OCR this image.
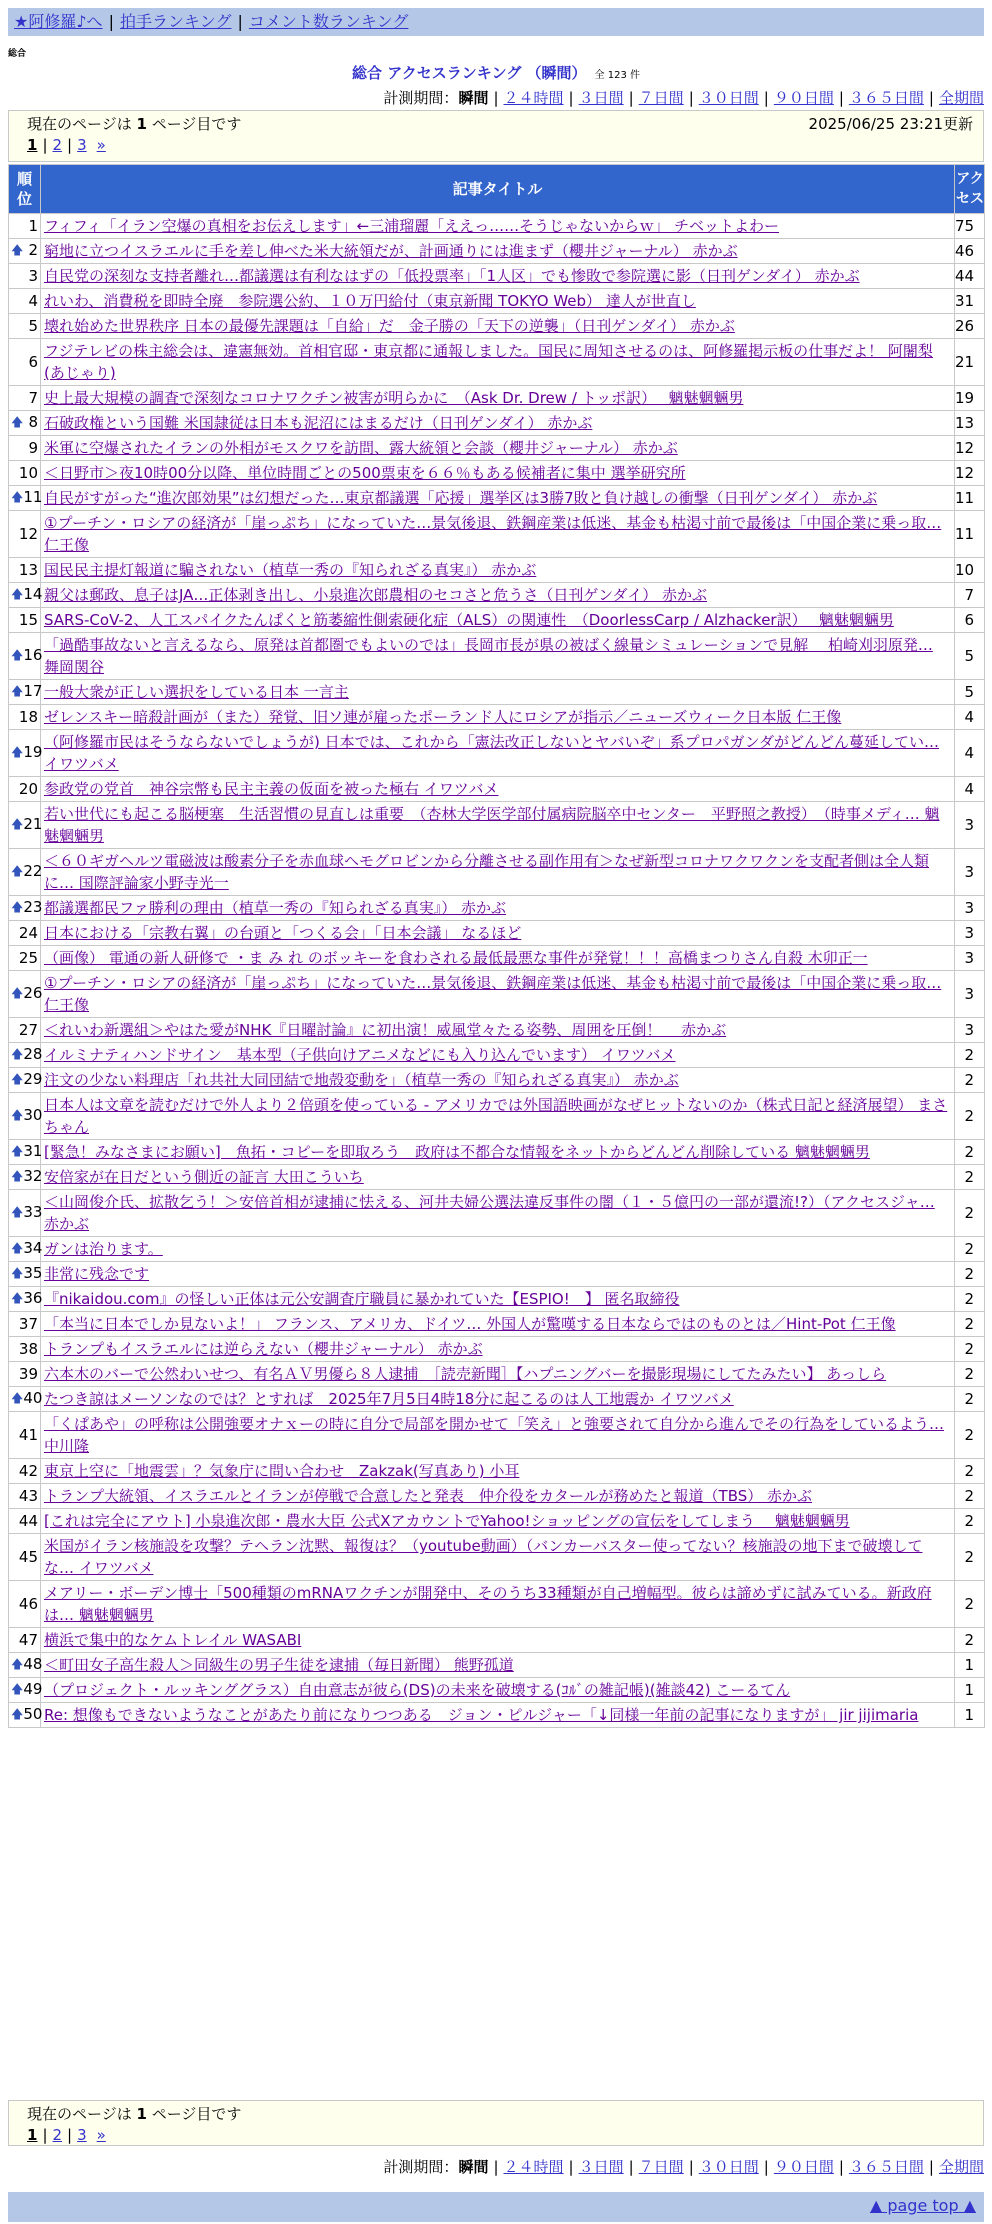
★阿修羅♪へ | 拍手ランキング | コメント数ランキング
総合
総合 アクセスランキング （瞬間） 全 123 件
計測期間：瞬間 | ２４時間 | ３日間 | ７日間 | ３０日間 | ９０日間 | ３６５日間 | 全期間
現在のページは 1 ページ目です	2025/06/25 23:21更新
1 | 2 | 3 »
順位	記事タイトル	アクセス
1	フィフィ「イラン空爆の真相をお伝えします」←三浦瑠麗「ええっ……そうじゃないからｗ」 チベットよわー	75

🡅 2	窮地に立つイスラエルに手を差し伸べた米大統領だが、計画通りには進まず（櫻井ジャーナル） 赤かぶ	46
3	自民党の深刻な支持者離れ…都議選は有利なはずの「低投票率」「1人区」でも惨敗で参院選に影（日刊ゲンダイ） 赤かぶ	44
4	れいわ、消費税を即時全廃　参院選公約、１０万円給付（東京新聞 TOKYO Web） 達人が世直し	31
5	壊れ始めた世界秩序 日本の最優先課題は「自給」だ　金子勝の「天下の逆襲」（日刊ゲンダイ） 赤かぶ	26
6	フジテレビの株主総会は、違憲無効。首相官邸・東京都に通報しました。国民に周知させるのは、阿修羅掲示板の仕事だよ！ 阿闍梨(あじゃり)	21
7	史上最大規模の調査で深刻なコロナワクチン被害が明らかに　（Ask Dr. Drew / トッポ訳）　 魑魅魍魎男	19

🡅 8	石破政権という国難 米国隷従は日本も泥沼にはまるだけ（日刊ゲンダイ） 赤かぶ	13
9	米軍に空爆されたイランの外相がモスクワを訪問、露大統領と会談（櫻井ジャーナル） 赤かぶ	12
10	＜日野市＞夜10時00分以降、単位時間ごとの500票束を６６％もある候補者に集中 選挙研究所	12

🡅 11	自民がすがった“進次郎効果”は幻想だった…東京都議選「応援」選挙区は3勝7敗と負け越しの衝撃（日刊ゲンダイ） 赤かぶ	11
12	①プーチン・ロシアの経済が「崖っぷち」になっていた…景気後退、鉄鋼産業は低迷、基金も枯渇寸前で最後は「中国企業に乗っ取… 仁王像	11
13	国民民主提灯報道に騙されない（植草一秀の『知られざる真実』） 赤かぶ	10

🡅 14	親父は郵政、息子はJA…正体剥き出し、小泉進次郎農相のセコさと危うさ（日刊ゲンダイ） 赤かぶ	7
15	SARS-CoV-2、人工スパイクたんぱくと筋萎縮性側索硬化症（ALS）の関連性　（DoorlessCarp / Alzhacker訳）　 魑魅魍魎男	6

🡅 16	「過酷事故ないと言えるなら、原発は首都圏でもよいのでは」長岡市長が県の被ばく線量シミュレーションで見解　 柏崎刈羽原発… 舞岡関谷	5

🡅 17	一般大衆が正しい選択をしている日本 一言主	5
18	ゼレンスキー暗殺計画が（また）発覚、旧ソ連が雇ったポーランド人にロシアが指示／ニューズウィーク日本版 仁王像	4

🡅 19	（阿修羅市民はそうならないでしょうが) 日本では、これから「憲法改正しないとヤバいぞ」系プロパガンダがどんどん蔓延してい… イワツバメ	4
20	参政党の党首　神谷宗幣も民主主義の仮面を被った極右 イワツバメ	4

🡅 21	若い世代にも起こる脳梗塞　生活習慣の見直しは重要　（杏林大学医学部付属病院脳卒中センター　平野照之教授）　（時事メディ… 魑魅魍魎男	3

🡅 22	＜６０ギガヘルツ電磁波は酸素分子を赤血球ヘモグロビンから分離させる副作用有＞なぜ新型コロナワクワクンを支配者側は全人類に… 国際評論家小野寺光一	3

🡅 23	都議選都民ファ勝利の理由（植草一秀の『知られざる真実』） 赤かぶ	3
24	日本における「宗教右翼」の台頭と「つくる会」「日本会議」 なるほど	3
25	（画像） 電通の新人研修で ・ま み れ のボッキーを食わされる最低最悪な事件が発覚！！！高橋まつりさん自殺 木卯正一	3

🡅 26	①プーチン・ロシアの経済が「崖っぷち」になっていた…景気後退、鉄鋼産業は低迷、基金も枯渇寸前で最後は「中国企業に乗っ取… 仁王像	3
27	＜れいわ新選組＞やはた愛がNHK『日曜討論』に初出演！威風堂々たる姿勢、周囲を圧倒！　 赤かぶ	3

🡅 28	イルミナティハンドサイン　基本型（子供向けアニメなどにも入り込んでいます） イワツバメ	2

🡅 29	注文の少ない料理店「れ共社大同団結で地殻変動を」（植草一秀の『知られざる真実』） 赤かぶ	2

🡅 30	日本人は文章を読むだけで外人より２倍頭を使っている - アメリカでは外国語映画がなぜヒットないのか（株式日記と経済展望） まさちゃん	2

🡅 31	[緊急！みなさまにお願い]　魚拓・コピーを即取ろう　政府は不都合な情報をネットからどんどん削除している 魑魅魍魎男	2

🡅 32	安倍家が在日だという側近の証言 大田こういち	2

🡅 33	＜山岡俊介氏、拡散乞う！＞安倍首相が逮捕に怯える、河井夫婦公選法違反事件の闇（１・５億円の一部が還流!?）（アクセスジャ… 赤かぶ	2

🡅 34	ガンは治ります。	2

🡅 35	非常に残念です	2

🡅 36	『nikaidou.com』の怪しい正体は元公安調査庁職員に暴かれていた【ESPIO!　】 匿名取締役	2
37	「本当に日本でしか見ないよ！」 フランス、アメリカ、ドイツ… 外国人が驚嘆する日本ならではのものとは／Hint-Pot 仁王像	2
38	トランプもイスラエルには逆らえない（櫻井ジャーナル） 赤かぶ	2
39	六本木のバーで公然わいせつ、有名ＡＶ男優ら８人逮捕　［読売新聞］【ハプニングバーを撮影現場にしてたみたい】 あっしら	2

🡅 40	たつき諒はメーソンなのでは？とすれば　2025年7月5日4時18分に起こるのは人工地震か イワツバメ	2
41	「くぱあや」の呼称は公開強要オナｘーの時に自分で局部を開かせて「笑え」と強要されて自分から進んでその行為をしているよう… 中川隆	2
42	東京上空に「地震雲」？気象庁に問い合わせ　Zakzak(写真あり) 小耳	2
43	トランプ大統領、イスラエルとイランが停戦で合意したと発表　仲介役をカタールが務めたと報道（TBS） 赤かぶ	2
44	[これは完全にアウト] 小泉進次郎・農水大臣 公式XアカウントでYahoo!ショッピングの宣伝をしてしまう　 魑魅魍魎男	2
45	米国がイラン核施設を攻撃？テヘラン沈黙、報復は？（youtube動画）（バンカーバスター使ってない？核施設の地下まで破壊してな… イワツバメ	2
46	メアリー・ボーデン博士「500種類のmRNAワクチンが開発中、そのうち33種類が自己増幅型。彼らは諦めずに試みている。新政府は… 魑魅魍魎男	2
47	横浜で集中的なケムトレイル WASABI	2

🡅 48	＜町田女子高生殺人＞同級生の男子生徒を逮捕（毎日新聞） 熊野孤道	1

🡅 49	（プロジェクト・ルッキンググラス）自由意志が彼ら(DS)の未来を破壊する(ｺﾙﾞの雑記帳)(雑談42) こーるてん	1

🡅 50	Re: 想像もできないようなことがあたり前になりつつある　ジョン・ピルジャー「↓同様一年前の記事になりますが」 jir jijimaria	1
現在のページは 1 ページ目です
1 | 2 | 3 »
計測期間：瞬間 | ２４時間 | ３日間 | ７日間 | ３０日間 | ９０日間 | ３６５日間 | 全期間
▲ page top ▲
